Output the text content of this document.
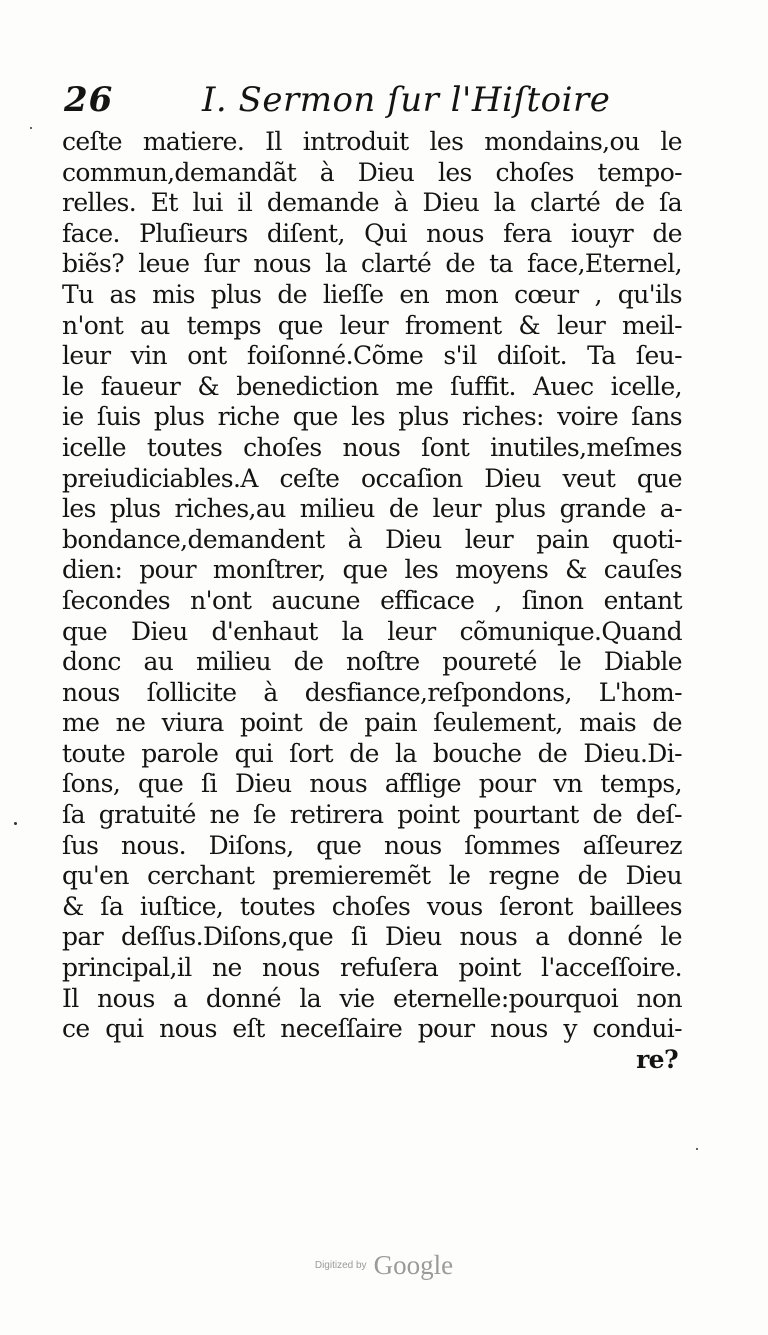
26	I. Sermon ſur l'Hiſtoire
ceſte matiere. Il introduit les mondains,ou le
commun,demandãt à Dieu les choſes tempo-
relles. Et lui il demande à Dieu la clarté de ſa
face. Pluſieurs diſent, Qui nous fera iouyr de
biẽs? leue ſur nous la clarté de ta face,Eternel,
Tu as mis plus de lieſſe en mon cœur , qu'ils
n'ont au temps que leur froment & leur meil-
leur vin ont foiſonné.Cõme s'il diſoit. Ta ſeu-
le faueur & benediction me ſuffit. Auec icelle,
ie ſuis plus riche que les plus riches: voire ſans
icelle toutes choſes nous ſont inutiles,meſmes
preiudiciables.A ceſte occaſion Dieu veut que
les plus riches,au milieu de leur plus grande a-
bondance,demandent à Dieu leur pain quoti-
dien: pour monſtrer, que les moyens & cauſes
ſecondes n'ont aucune efficace , ſinon entant
que Dieu d'enhaut la leur cõmunique.Quand
donc au milieu de noſtre poureté le Diable
nous ſollicite à desfiance,reſpondons, L'hom-
me ne viura point de pain ſeulement, mais de
toute parole qui ſort de la bouche de Dieu.Di-
ſons, que ſi Dieu nous afflige pour vn temps,
ſa gratuité ne ſe retirera point pourtant de deſ-
ſus nous. Diſons, que nous ſommes aſſeurez
qu'en cerchant premieremẽt le regne de Dieu
& ſa iuſtice, toutes choſes vous ſeront baillees
par deſſus.Diſons,que ſi Dieu nous a donné le
principal,il ne nous refuſera point l'acceſſoire.
Il nous a donné la vie eternelle:pourquoi non
ce qui nous eſt neceſſaire pour nous y condui-
re?
Digitized by Google
